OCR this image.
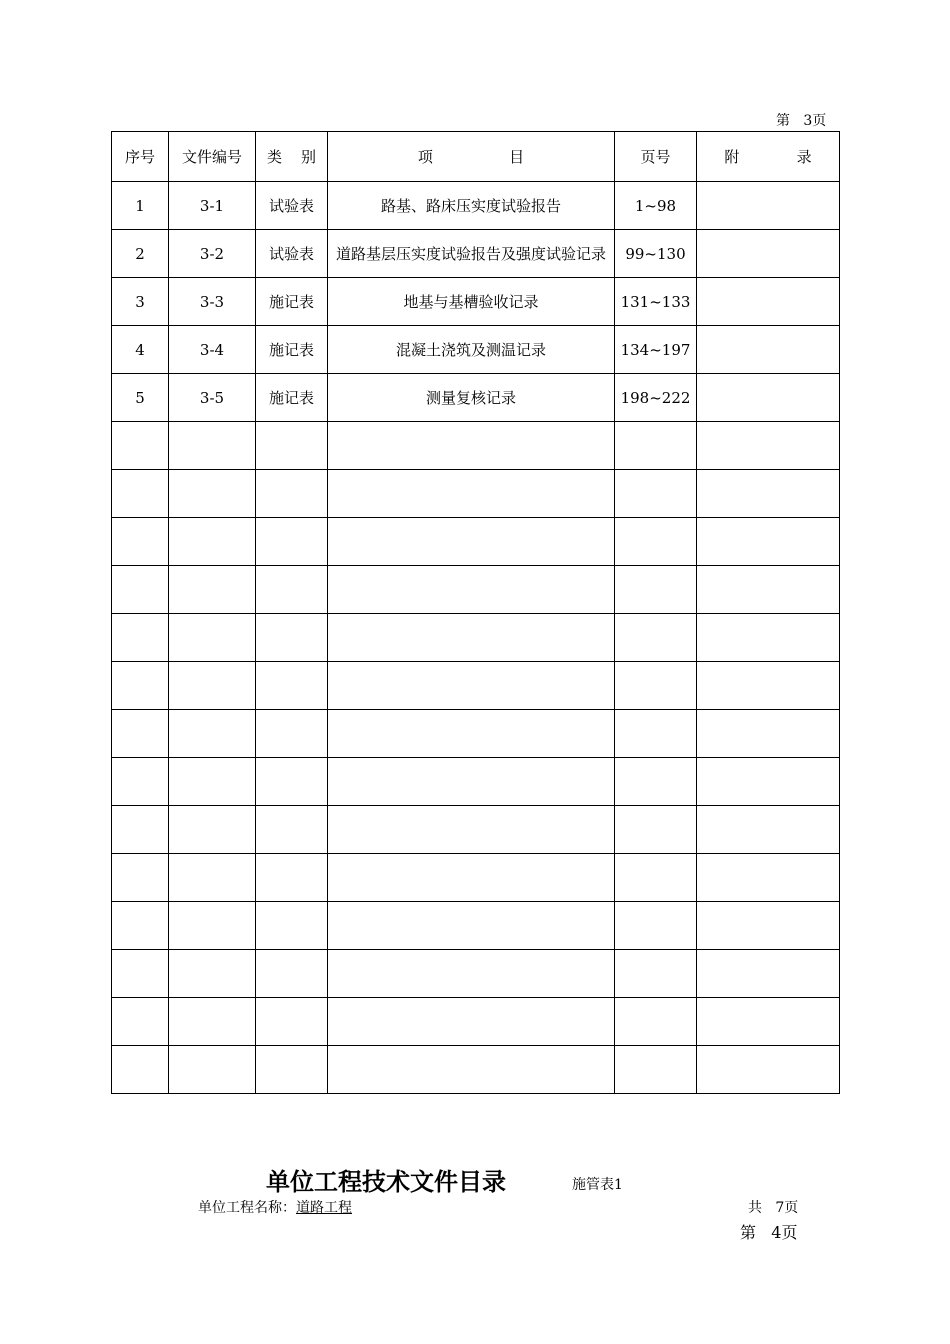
第   3页
序号	文件编号	类    别	项                目	页号	附            录
1	3-1	试验表	路基、路床压实度试验报告	1~98	
2	3-2	试验表	道路基层压实度试验报告及强度试验记录	99~130	
3	3-3	施记表	地基与基槽验收记录	131~133	
4	3-4	施记表	混凝土浇筑及测温记录	134~197	
5	3-5	施记表	测量复核记录	198~222	

单位工程技术文件目录	施管表1
单位工程名称：道路工程	共   7页
第   4页
